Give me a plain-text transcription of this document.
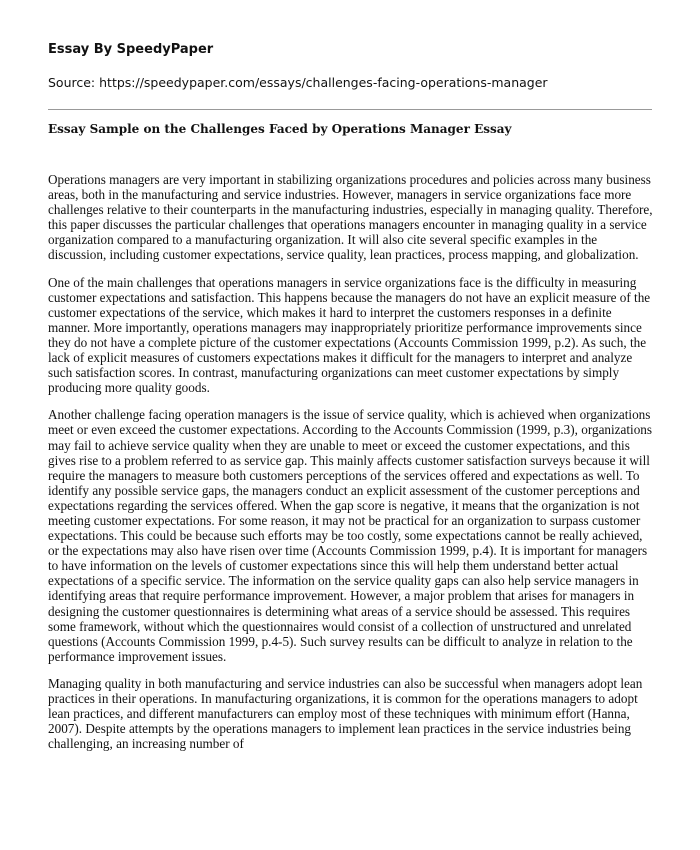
Essay By SpeedyPaper

Source: https://speedypaper.com/essays/challenges-facing-operations-manager

Essay Sample on the Challenges Faced by Operations Manager Essay

Operations managers are very important in stabilizing organizations procedures and policies across many business areas, both in the manufacturing and service industries. However, managers in service organizations face more challenges relative to their counterparts in the manufacturing industries, especially in managing quality. Therefore, this paper discusses the particular challenges that operations managers encounter in managing quality in a service organization compared to a manufacturing organization. It will also cite several specific examples in the discussion, including customer expectations, service quality, lean practices, process mapping, and globalization.

One of the main challenges that operations managers in service organizations face is the difficulty in measuring customer expectations and satisfaction. This happens because the managers do not have an explicit measure of the customer expectations of the service, which makes it hard to interpret the customers responses in a definite manner. More importantly, operations managers may inappropriately prioritize performance improvements since they do not have a complete picture of the customer expectations (Accounts Commission 1999, p.2). As such, the lack of explicit measures of customers expectations makes it difficult for the managers to interpret and analyze such satisfaction scores. In contrast, manufacturing organizations can meet customer expectations by simply producing more quality goods.

Another challenge facing operation managers is the issue of service quality, which is achieved when organizations meet or even exceed the customer expectations. According to the Accounts Commission (1999, p.3), organizations may fail to achieve service quality when they are unable to meet or exceed the customer expectations, and this gives rise to a problem referred to as service gap. This mainly affects customer satisfaction surveys because it will require the managers to measure both customers perceptions of the services offered and expectations as well. To identify any possible service gaps, the managers conduct an explicit assessment of the customer perceptions and expectations regarding the services offered. When the gap score is negative, it means that the organization is not meeting customer expectations. For some reason, it may not be practical for an organization to surpass customer expectations. This could be because such efforts may be too costly, some expectations cannot be really achieved, or the expectations may also have risen over time (Accounts Commission 1999, p.4). It is important for managers to have information on the levels of customer expectations since this will help them understand better actual expectations of a specific service. The information on the service quality gaps can also help service managers in identifying areas that require performance improvement. However, a major problem that arises for managers in designing the customer questionnaires is determining what areas of a service should be assessed. This requires some framework, without which the questionnaires would consist of a collection of unstructured and unrelated questions (Accounts Commission 1999, p.4-5). Such survey results can be difficult to analyze in relation to the performance improvement issues.

Managing quality in both manufacturing and service industries can also be successful when managers adopt lean practices in their operations. In manufacturing organizations, it is common for the operations managers to adopt lean practices, and different manufacturers can employ most of these techniques with minimum effort (Hanna, 2007). Despite attempts by the operations managers to implement lean practices in the service industries being challenging, an increasing number of
